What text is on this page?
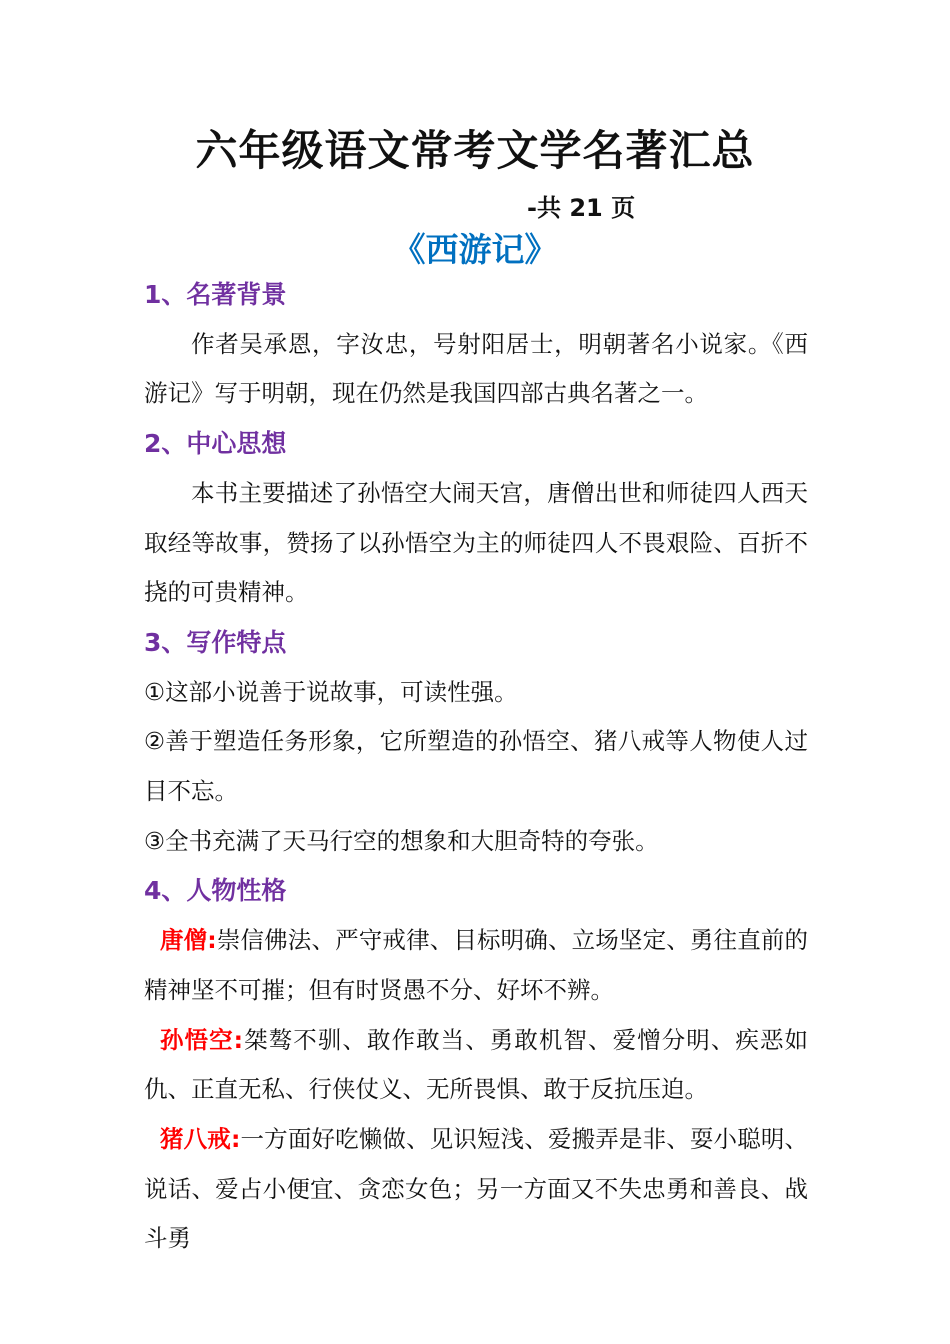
六年级语文常考文学名著汇总
-共 21 页
《西游记》
1、名著背景
作者吴承恩，字汝忠，号射阳居士，明朝著名小说家。《西游记》写于明朝，现在仍然是我国四部古典名著之一。
2、中心思想
本书主要描述了孙悟空大闹天宫，唐僧出世和师徒四人西天取经等故事，赞扬了以孙悟空为主的师徒四人不畏艰险、百折不挠的可贵精神。
3、写作特点
①这部小说善于说故事，可读性强。
②善于塑造任务形象，它所塑造的孙悟空、猪八戒等人物使人过目不忘。
③全书充满了天马行空的想象和大胆奇特的夸张。
4、人物性格
唐僧:崇信佛法、严守戒律、目标明确、立场坚定、勇往直前的精神坚不可摧；但有时贤愚不分、好坏不辨。
孙悟空:桀骜不驯、敢作敢当、勇敢机智、爱憎分明、疾恶如仇、正直无私、行侠仗义、无所畏惧、敢于反抗压迫。
猪八戒:一方面好吃懒做、见识短浅、爱搬弄是非、耍小聪明、说话、爱占小便宜、贪恋女色；另一方面又不失忠勇和善良、战斗勇
